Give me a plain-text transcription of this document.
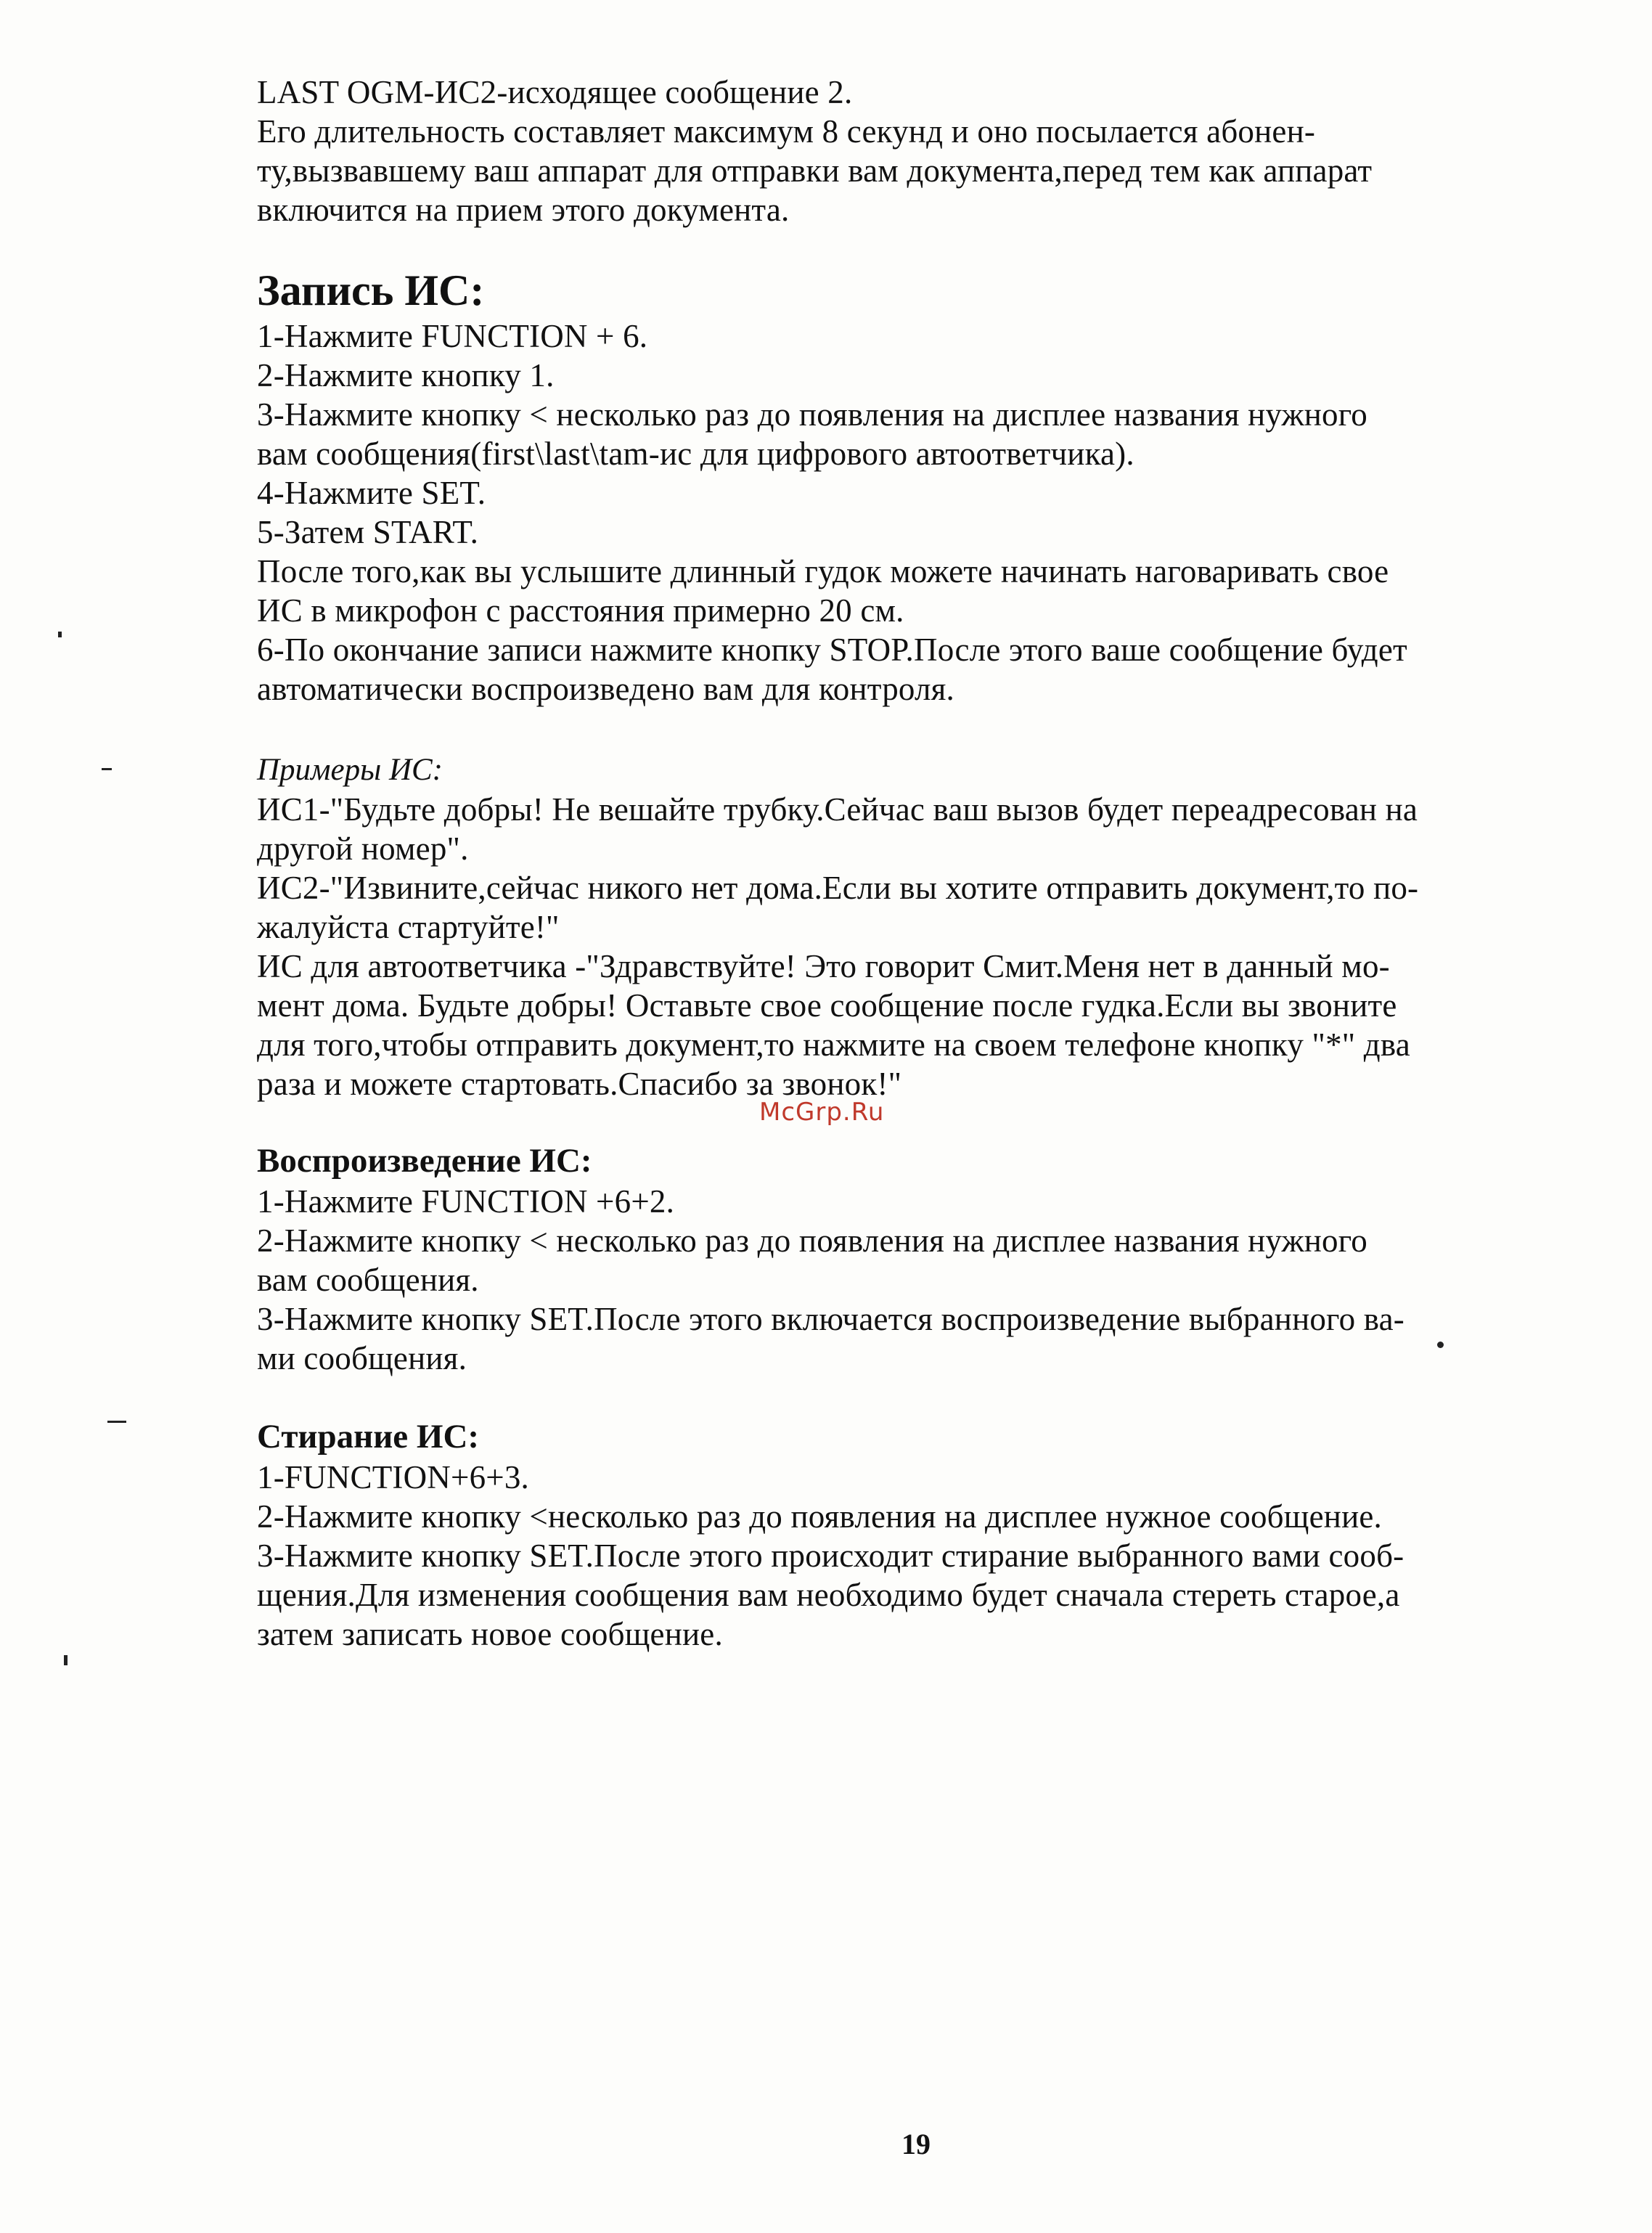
LAST OGM-ИС2-исходящее сообщение 2.
Его длительность составляет максимум 8 секунд и оно посылается абонен-
ту,вызвавшему ваш аппарат для отправки вам документа,перед тем как аппарат
включится на прием этого документа.
Запись ИС:
1-Нажмите FUNCTION + 6.
2-Нажмите кнопку 1.
3-Нажмите кнопку < несколько раз до появления на дисплее названия нужного
вам сообщения(first\last\tam-ис для цифрового автоответчика).
4-Нажмите SET.
5-Затем START.
После того,как вы услышите длинный гудок можете начинать наговаривать свое
ИС в микрофон с расстояния примерно 20 см.
6-По окончание записи нажмите кнопку STOP.После этого ваше сообщение будет
автоматически воспроизведено вам для контроля.
Примеры ИС:
ИС1-"Будьте добры! Не вешайте трубку.Сейчас ваш вызов будет переадресован на
другой номер".
ИС2-"Извините,сейчас никого нет дома.Если вы хотите отправить документ,то по-
жалуйста стартуйте!"
ИС для автоответчика -"Здравствуйте! Это говорит Смит.Меня нет в данный мо-
мент дома. Будьте добры! Оставьте свое сообщение после гудка.Если вы звоните
для того,чтобы отправить документ,то нажмите на своем телефоне кнопку "*" два
раза и можете стартовать.Спасибо за звонок!"
Воспроизведение ИС:
1-Нажмите FUNCTION +6+2.
2-Нажмите кнопку < несколько раз до появления на дисплее названия нужного
вам сообщения.
3-Нажмите кнопку SET.После этого включается воспроизведение выбранного ва-
ми сообщения.
Стирание ИС:
1-FUNCTION+6+3.
2-Нажмите кнопку <несколько раз до появления на дисплее нужное сообщение.
3-Нажмите кнопку SET.После этого происходит стирание выбранного вами сооб-
щения.Для изменения сообщения вам необходимо будет сначала стереть старое,а
затем записать новое сообщение.
McGrp.Ru
19
